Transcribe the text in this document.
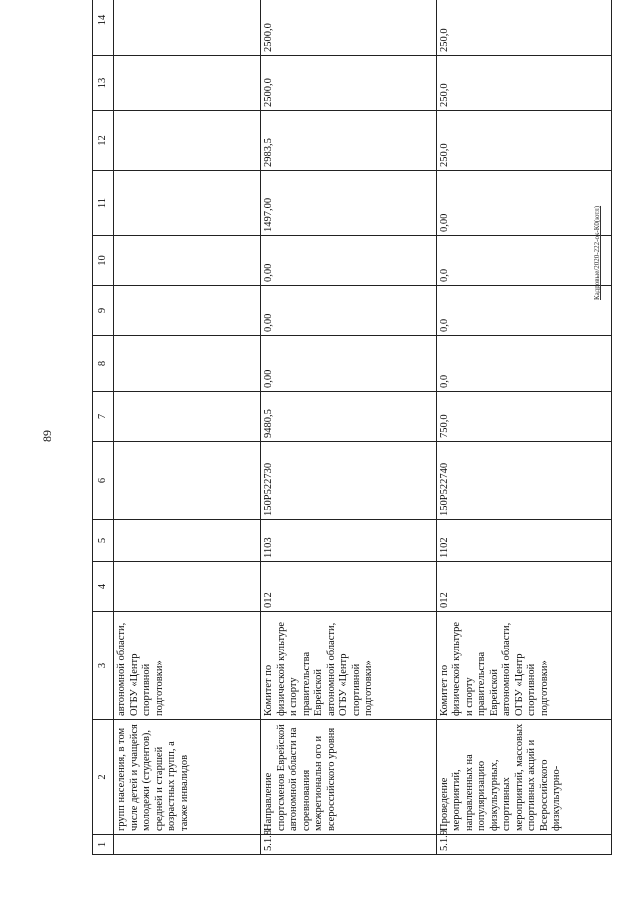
89
1	2	3	4	5	6	7	8	9	10	11	12	13	14
	групп населения, в том числе детей и учащейся молодежи (студентов), средней и старшей возрастных групп, а также инвалидов	автономной области, ОГБУ «Центр спортивной подготовки»											
5.1.8	Направление спортсменов Еврейской автономной области на соревнования межрегиональн ого и всероссийского уровня	Комитет по физической культуре и спорту правительства Еврейской автономной области, ОГБУ «Центр спортивной подготовки»	012	1103	150P522730	9480,5	0,00	0,00	0,00	1497,00	2983,5	2500,0	2500,0
5.1.9	Проведение мероприятий, направленных на популяризацию физкультурных, спортивных мероприятий, массовых спортивных акций и Всероссийского физкультурно-	Комитет по физической культуре и спорту правительства Еврейской автономной области, ОГБУ «Центр спортивной подготовки»	012	1102	150P522740	750,0	0,0	0,0	0,0	0,00	250,0	250,0	250,0
Кадровые/2020-222-ок-К0(ютл)
